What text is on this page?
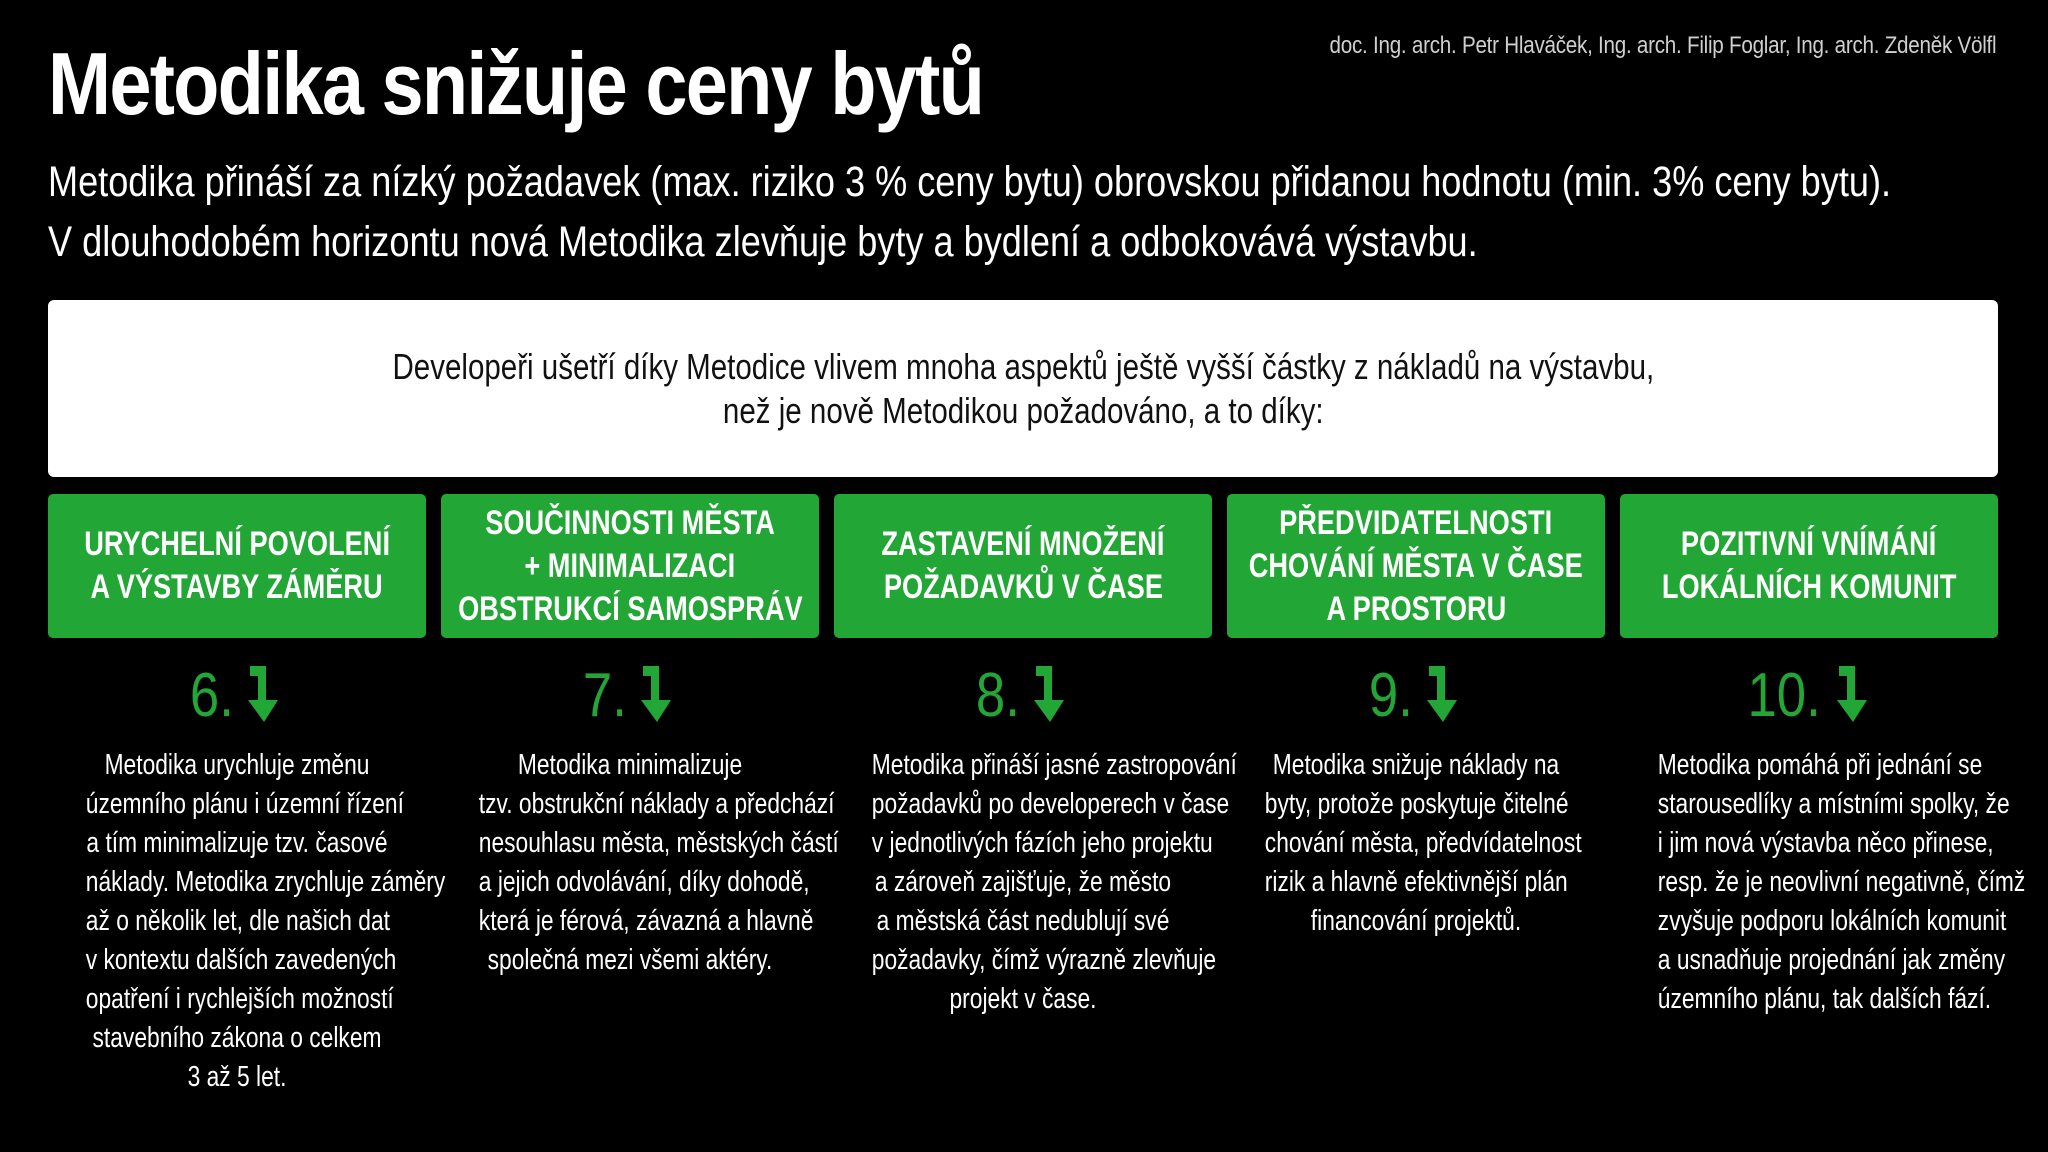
doc. Ing. arch. Petr Hlaváček, Ing. arch. Filip Foglar, Ing. arch. Zdeněk Völfl
Metodika snižuje ceny bytů
Metodika přináší za nízký požadavek (max. riziko 3 % ceny bytu) obrovskou přidanou hodnotu (min. 3% ceny bytu).
V dlouhodobém horizontu nová Metodika zlevňuje byty a bydlení a odbokovává výstavbu.
Developeři ušetří díky Metodice vlivem mnoha aspektů ještě vyšší částky z nákladů na výstavbu,
než je nově Metodikou požadováno, a to díky:
URYCHELNÍ POVOLENÍ
A VÝSTAVBY ZÁMĚRU
6.
Metodika urychluje změnu
územního plánu i územní řízení
a tím minimalizuje tzv. časové
náklady. Metodika zrychluje záměry
až o několik let, dle našich dat
v kontextu dalších zavedených
opatření i rychlejších možností
stavebního zákona o celkem
3 až 5 let.
SOUČINNOSTI MĚSTA
+ MINIMALIZACI
OBSTRUKCÍ SAMOSPRÁV
7.
Metodika minimalizuje
tzv. obstrukční náklady a předchází
nesouhlasu města, městských částí
a jejich odvolávání, díky dohodě,
která je férová, závazná a hlavně
společná mezi všemi aktéry.
ZASTAVENÍ MNOŽENÍ
POŽADAVKŮ V ČASE
8.
Metodika přináší jasné zastropování
požadavků po developerech v čase
v jednotlivých fázích jeho projektu
a zároveň zajišťuje, že město
a městská část nedublují své
požadavky, čímž výrazně zlevňuje
projekt v čase.
PŘEDVIDATELNOSTI
CHOVÁNÍ MĚSTA V ČASE
A PROSTORU
9.
Metodika snižuje náklady na
byty, protože poskytuje čitelné
chování města, předvídatelnost
rizik a hlavně efektivnější plán
financování projektů.
POZITIVNÍ VNÍMÁNÍ
LOKÁLNÍCH KOMUNIT
10.
Metodika pomáhá při jednání se
starousedlíky a místními spolky, že
i jim nová výstavba něco přinese,
resp. že je neovlivní negativně, čímž
zvyšuje podporu lokálních komunit
a usnadňuje projednání jak změny
územního plánu, tak dalších fází.
